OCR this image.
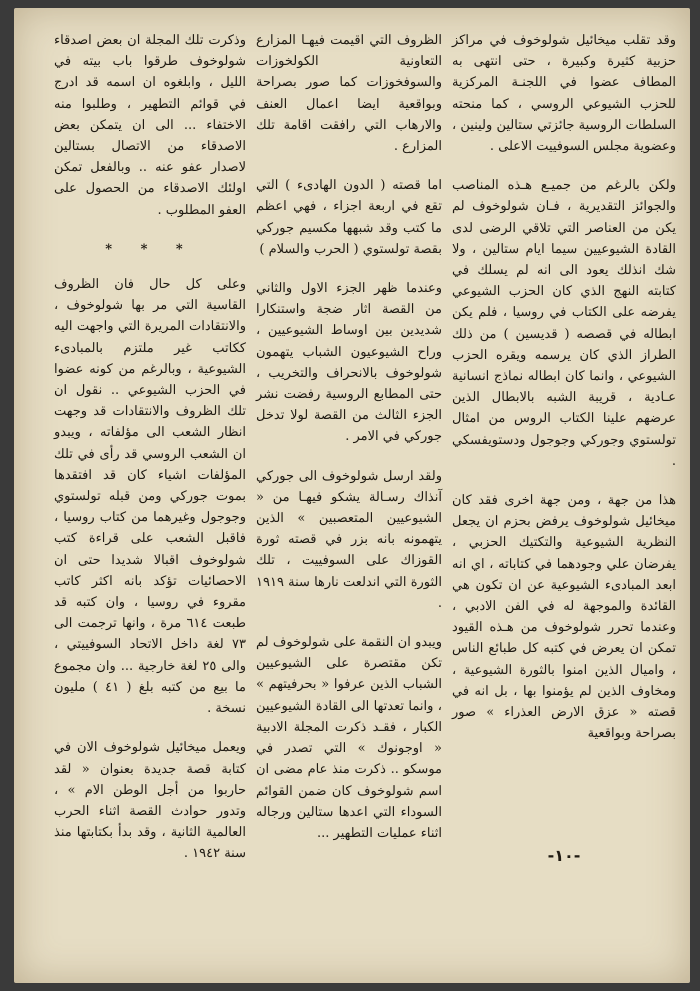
وقد تقلب ميخائيل شولوخوف في مراكز حزبية كثيرة وكبيرة ، حتى انتهى به المطاف عضوا في اللجنـة المركزية للحزب الشيوعي الروسي ، كما منحته السلطات الروسية جائزتي ستالين ولينين ، وعضوية مجلس السوفييت الاعلى .

ولكن بالرغم من جميـع هـذه المناصب والجوائز التقديرية ، فـان شولوخوف لم يكن من العناصر التي تلاقي الرضى لدى القادة الشيوعيين سيما ايام ستالين ، ولا شك انذلك يعود الى انه لم يسلك في كتابته النهج الذي كان الحزب الشيوعي يفرضه على الكتاب في روسيا ، فلم يكن ابطاله في قصصه ( قديسين ) من ذلك الطراز الذي كان يرسمه ويقره الحزب الشيوعي ، وانما كان ابطاله نماذج انسانية عـادية ، قريبة الشبه بالابطال الذين عرضهم علينا الكتاب الروس من امثال تولستوي وجوركي وجوجول ودستويفسكي .

هذا من جهة ، ومن جهة اخرى فقد كان ميخائيل شولوخوف يرفض بحزم ان يجعل النظرية الشيوعية والتكتيك الحزبي ، يفرضان علي وجودهما في كتاباته ، اي انه ابعد المبادىء الشيوعية عن ان تكون هي القائدة والموجهة له في الفن الادبي ، وعندما تحرر شولوخوف من هـذه القيود تمكن ان يعرض في كتبه كل طبائع الناس ، واميال الذين امنوا بالثورة الشيوعية ، ومخاوف الذين لم يؤمنوا بها ، بل انه في قصته « عزق الارض العذراء » صور بصراحة وبواقعية

الظروف التي اقيمت فيهـا المزارع التعاونية الكولخوزات والسوفخوزات كما صور بصراحة وبواقعية ايضا اعمال العنف والارهاب التي رافقت اقامة تلك المزارع .

اما قصته ( الدون الهادىء ) التي تقع في اربعة اجزاء ، فهي اعظم ما كتب وقد شبهها مكسيم جوركي بقصة تولستوي ( الحرب والسلام )

وعندما ظهر الجزء الاول والثاني من القصة اثار ضجة واستنكارا شديدين بين اوساط الشيوعيين ، وراح الشيوعيون الشباب يتهمون شولوخوف بالانحراف والتخريب ، حتى المطابع الروسية رفضت نشر الجزء الثالث من القصة لولا تدخل جوركي في الامر .

ولقد ارسل شولوخوف الى جوركي آنذاك رسـالة يشكو فيهـا من « الشيوعيين المتعصبين » الذين يتهمونه بانه بزر في قصته ثورة القوزاك على السوفييت ، تلك الثورة التي اندلعت نارها سنة ١٩١٩ .

ويبدو ان النقمة على شولوخوف لم تكن مقتصرة على الشيوعيين الشباب الذين عرفوا « بحرفيتهم » ، وانما تعدتها الى القادة الشيوعيين الكبار ، فقـد ذكرت المجلة الادبية « اوجونوك » التي تصدر في موسكو .. ذكرت منذ عام مضى ان اسم شولوخوف كان ضمن القوائم السوداء التي اعدها ستالين ورجاله اثناء عمليات التطهير ...

وذكرت تلك المجلة ان بعض اصدقاء شولوخوف طرقوا باب بيته في الليل ، وابلغوه ان اسمه قد ادرج في قوائم التطهير ، وطلبوا منه الاختفاء ... الى ان يتمكن بعض الاصدقاء من الاتصال بستالين لاصدار عفو عنه .. وبالفعل تمكن اولئك الاصدقاء من الحصول على العفو المطلوب .

* * *

وعلى كل حال فان الظروف القاسية التي مر بها شولوخوف ، والانتقادات المريرة التي واجهت اليه ككاتب غير ملتزم بالمبادىء الشيوعية ، وبالرغم من كونه عضوا في الحزب الشيوعي .. نقول ان تلك الظروف والانتقادات قد وجهت انظار الشعب الى مؤلفاته ، ويبدو ان الشعب الروسي قد رأى في تلك المؤلفات اشياء كان قد افتقدها بموت جوركي ومن قبله تولستوي وجوجول وغيرهما من كتاب روسيا ، فاقبل الشعب على قراءة كتب شولوخوف اقبالا شديدا حتى ان الاحصائيات تؤكد بانه اكثر كاتب مقروء في روسيا ، وان كتبه قد طبعت ٦١٤ مرة ، وانها ترجمت الى ٧٣ لغة داخل الاتحاد السوفييتي ، والى ٢٥ لغة خارجية ... وان مجموع ما بيع من كتبه بلغ ( ٤١ ) مليون نسخة .

ويعمل ميخائيل شولوخوف الان في كتابة قصة جديدة بعنوان « لقد حاربوا من أجل الوطن الام » ، وتدور حوادث القصة اثناء الحرب العالمية الثانية ، وقد بدأ بكتابتها منذ سنة ١٩٤٢ .	-١٠-
